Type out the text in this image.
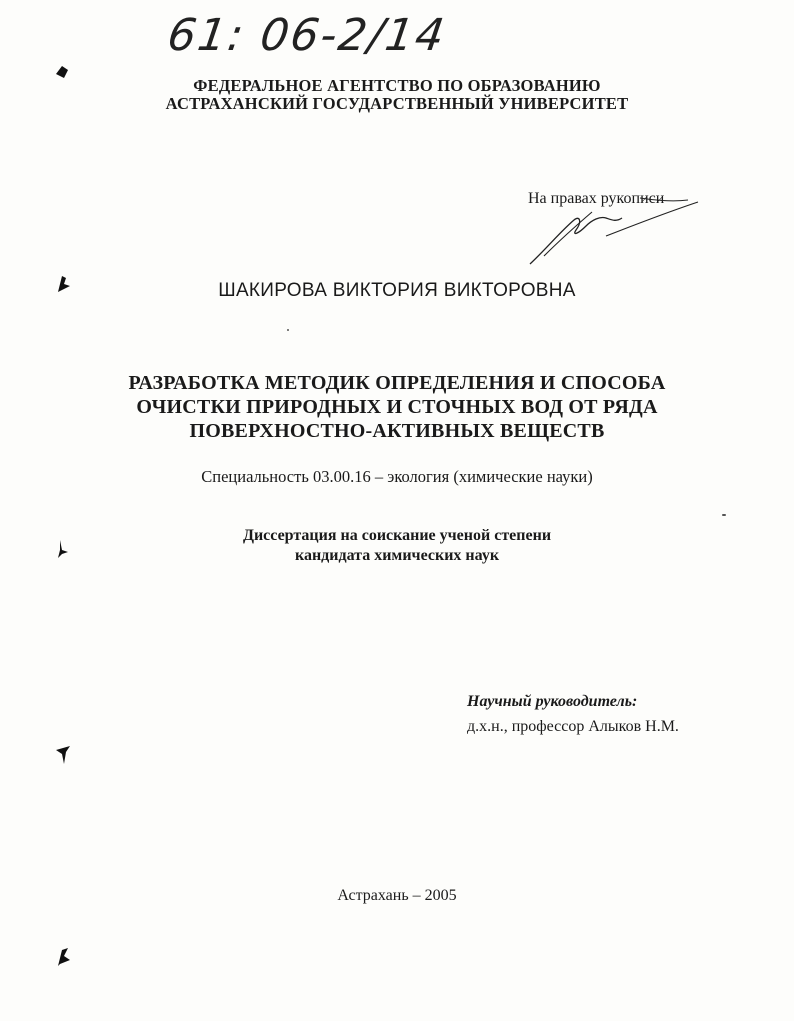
61: 06-2/14
ФЕДЕРАЛЬНОЕ АГЕНТСТВО ПО ОБРАЗОВАНИЮ
АСТРАХАНСКИЙ ГОСУДАРСТВЕННЫЙ УНИВЕРСИТЕТ
На правах рукописи
ШАКИРОВА ВИКТОРИЯ ВИКТОРОВНА
РАЗРАБОТКА МЕТОДИК ОПРЕДЕЛЕНИЯ И СПОСОБА
ОЧИСТКИ ПРИРОДНЫХ И СТОЧНЫХ ВОД ОТ РЯДА
ПОВЕРХНОСТНО-АКТИВНЫХ ВЕЩЕСТВ
Специальность 03.00.16 – экология (химические науки)
Диссертация на соискание ученой степени
кандидата химических наук
Научный руководитель:
д.х.н., профессор Алыков Н.М.
Астрахань – 2005
